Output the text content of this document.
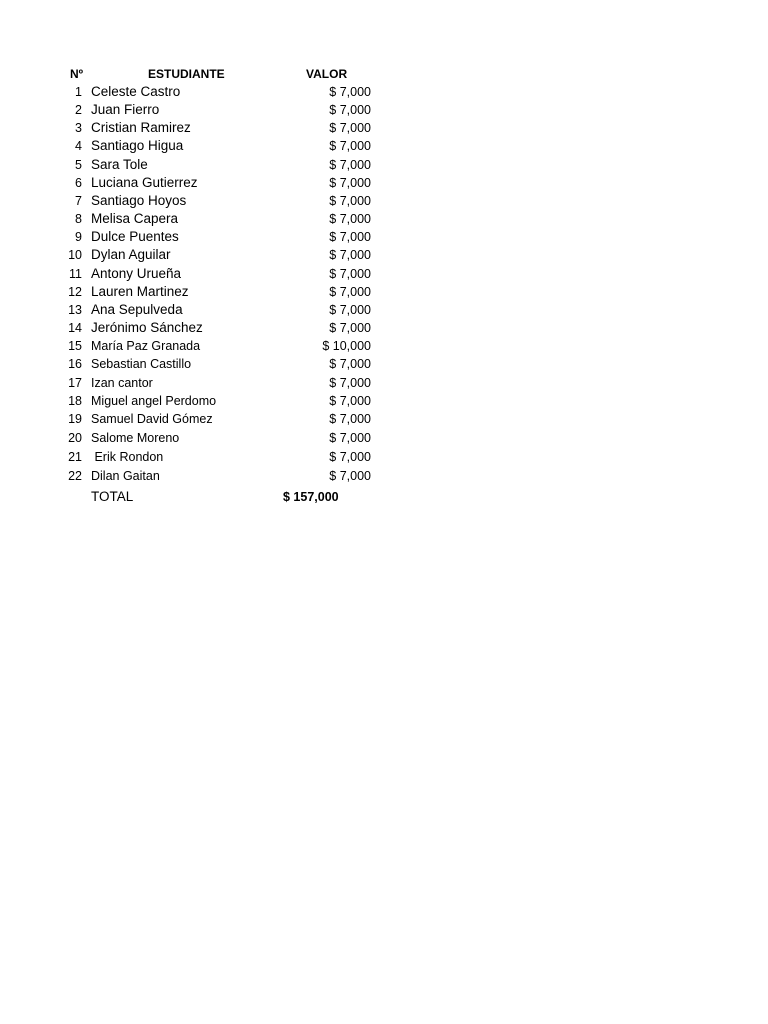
Nº	ESTUDIANTE	VALOR
1 Celeste Castro	$ 7,000
2 Juan Fierro	$ 7,000
3 Cristian Ramirez	$ 7,000
4 Santiago Higua	$ 7,000
5 Sara Tole	$ 7,000
6 Luciana Gutierrez	$ 7,000
7 Santiago Hoyos	$ 7,000
8 Melisa Capera	$ 7,000
9 Dulce Puentes	$ 7,000
10 Dylan Aguilar	$ 7,000
11 Antony Urueña	$ 7,000
12 Lauren Martinez	$ 7,000
13 Ana Sepulveda	$ 7,000
14 Jerónimo Sánchez	$ 7,000
15 María Paz Granada	$ 10,000
16 Sebastian Castillo	$ 7,000
17 Izan cantor	$ 7,000
18 Miguel angel Perdomo	$ 7,000
19 Samuel David Gómez	$ 7,000
20 Salome Moreno	$ 7,000
21 Erik Rondon	$ 7,000
22 Dilan Gaitan	$ 7,000
TOTAL	$ 157,000
